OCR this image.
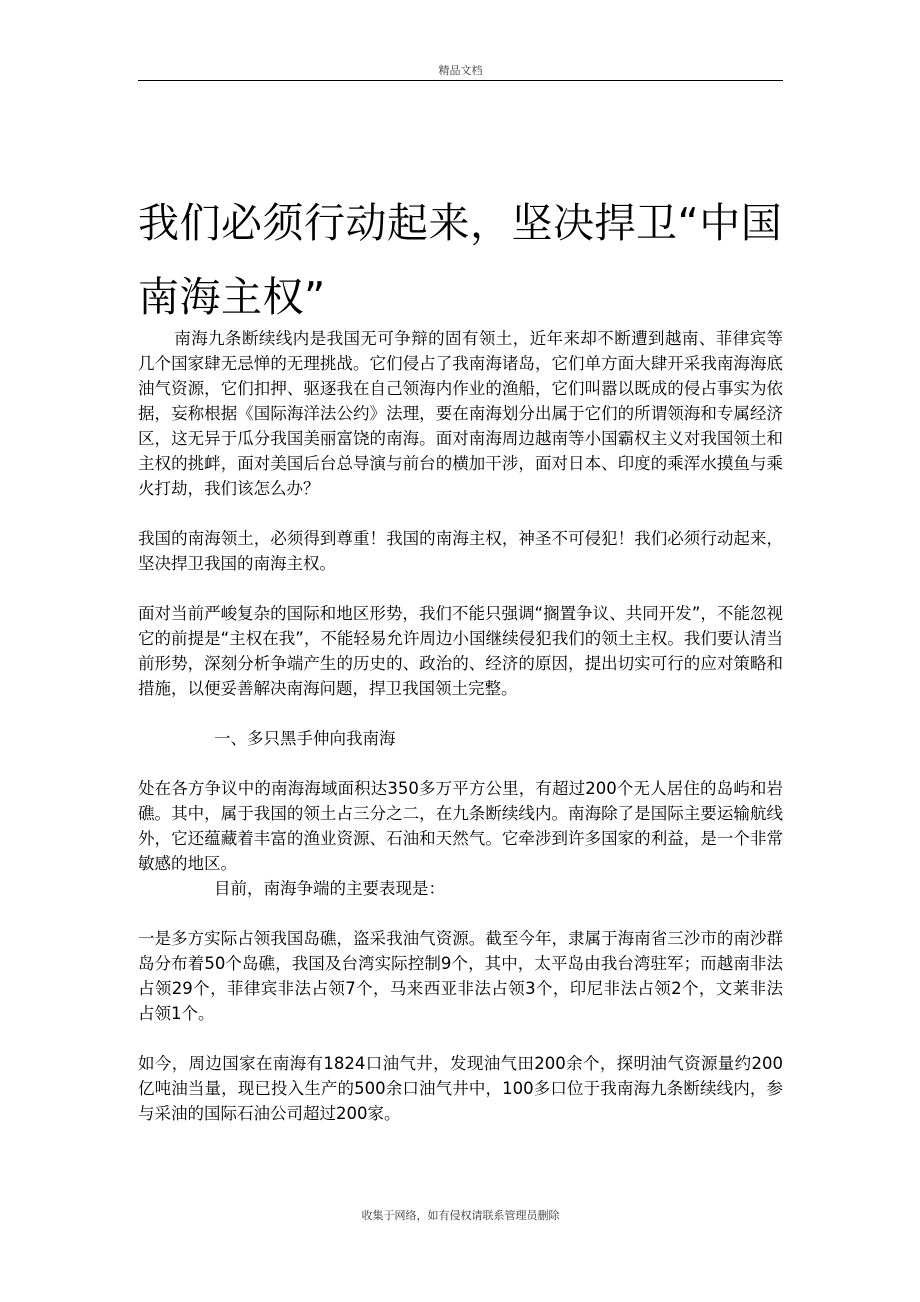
精品文档
我们必须行动起来，坚决捍卫“中国南海主权”

南海九条断续线内是我国无可争辩的固有领土，近年来却不断遭到越南、菲律宾等几个国家肆无忌惮的无理挑战。它们侵占了我南海诸岛，它们单方面大肆开采我南海海底油气资源，它们扣押、驱逐我在自己领海内作业的渔船，它们叫嚣以既成的侵占事实为依据，妄称根据《国际海洋法公约》法理，要在南海划分出属于它们的所谓领海和专属经济区，这无异于瓜分我国美丽富饶的南海。面对南海周边越南等小国霸权主义对我国领土和主权的挑衅，面对美国后台总导演与前台的横加干涉，面对日本、印度的乘浑水摸鱼与乘火打劫，我们该怎么办？

我国的南海领土，必须得到尊重！我国的南海主权，神圣不可侵犯！我们必须行动起来，坚决捍卫我国的南海主权。

面对当前严峻复杂的国际和地区形势，我们不能只强调“搁置争议、共同开发”，不能忽视它的前提是“主权在我”，不能轻易允许周边小国继续侵犯我们的领土主权。我们要认清当前形势，深刻分析争端产生的历史的、政治的、经济的原因，提出切实可行的应对策略和措施，以便妥善解决南海问题，捍卫我国领土完整。

一、多只黑手伸向我南海

处在各方争议中的南海海域面积达350多万平方公里，有超过200个无人居住的岛屿和岩礁。其中，属于我国的领土占三分之二，在九条断续线内。南海除了是国际主要运输航线外，它还蕴藏着丰富的渔业资源、石油和天然气。它牵涉到许多国家的利益，是一个非常敏感的地区。

目前，南海争端的主要表现是：

一是多方实际占领我国岛礁，盗采我油气资源。截至今年，隶属于海南省三沙市的南沙群岛分布着50个岛礁，我国及台湾实际控制9个，其中，太平岛由我台湾驻军；而越南非法占领29个，菲律宾非法占领7个，马来西亚非法占领3个，印尼非法占领2个，文莱非法占领1个。

如今，周边国家在南海有1824口油气井，发现油气田200余个，探明油气资源量约200亿吨油当量，现已投入生产的500余口油气井中，100多口位于我南海九条断续线内，参与采油的国际石油公司超过200家。

收集于网络，如有侵权请联系管理员删除
